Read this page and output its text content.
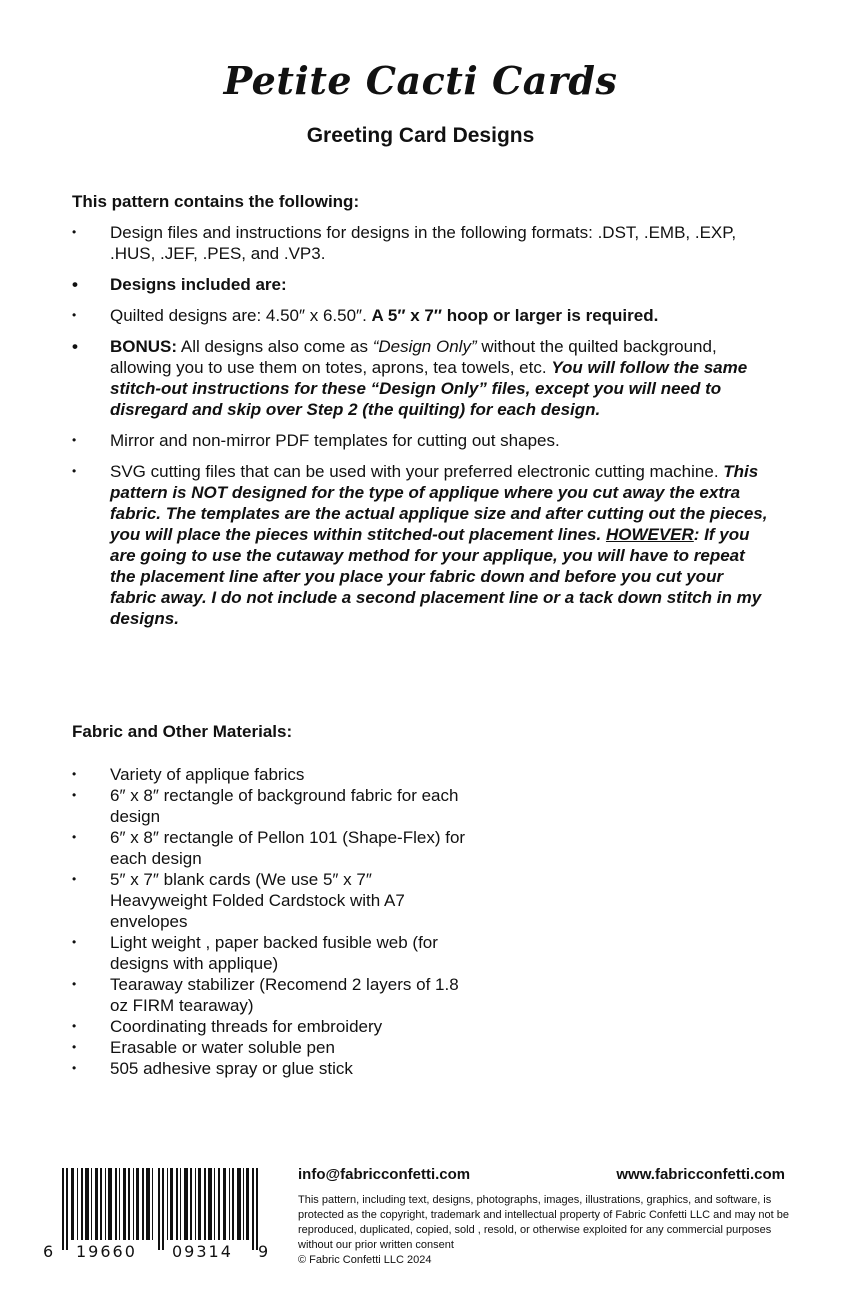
Petite Cacti Cards
Greeting Card Designs
This pattern contains the following:
• Design files and instructions for designs in the following formats: .DST, .EMB, .EXP, .HUS, .JEF, .PES, and .VP3.
• Designs included are:
• Quilted designs are: 4.50″ x 6.50″. A 5″ x 7″ hoop or larger is required.
• BONUS: All designs also come as “Design Only” without the quilted background, allowing you to use them on totes, aprons, tea towels, etc. You will follow the same stitch-out instructions for these “Design Only” files, except you will need to disregard and skip over Step 2 (the quilting) for each design.
• Mirror and non-mirror PDF templates for cutting out shapes.
• SVG cutting files that can be used with your preferred electronic cutting machine. This pattern is NOT designed for the type of applique where you cut away the extra fabric. The templates are the actual applique size and after cutting out the pieces, you will place the pieces within stitched-out placement lines. HOWEVER: If you are going to use the cutaway method for your applique, you will have to repeat the placement line after you place your fabric down and before you cut your fabric away. I do not include a second placement line or a tack down stitch in my designs.
Fabric and Other Materials:
• Variety of applique fabrics
• 6″ x 8″ rectangle of background fabric for each design
• 6″ x 8″ rectangle of Pellon 101 (Shape-Flex) for each design
• 5″ x 7″ blank cards (We use 5″ x 7″ Heavyweight Folded Cardstock with A7 envelopes
• Light weight , paper backed fusible web (for designs with applique)
• Tearaway stabilizer (Recomend 2 layers of 1.8 oz FIRM tearaway)
• Coordinating threads for embroidery
• Erasable or water soluble pen
• 505 adhesive spray or glue stick
6 19660 09314 9
info@fabricconfetti.com	www.fabricconfetti.com
This pattern, including text, designs, photographs, images, illustrations, graphics, and software, is protected as the copyright, trademark and intellectual property of Fabric Confetti LLC and may not be reproduced, duplicated, copied, sold , resold, or otherwise exploited for any commercial purposes without our prior written consent
© Fabric Confetti LLC 2024
